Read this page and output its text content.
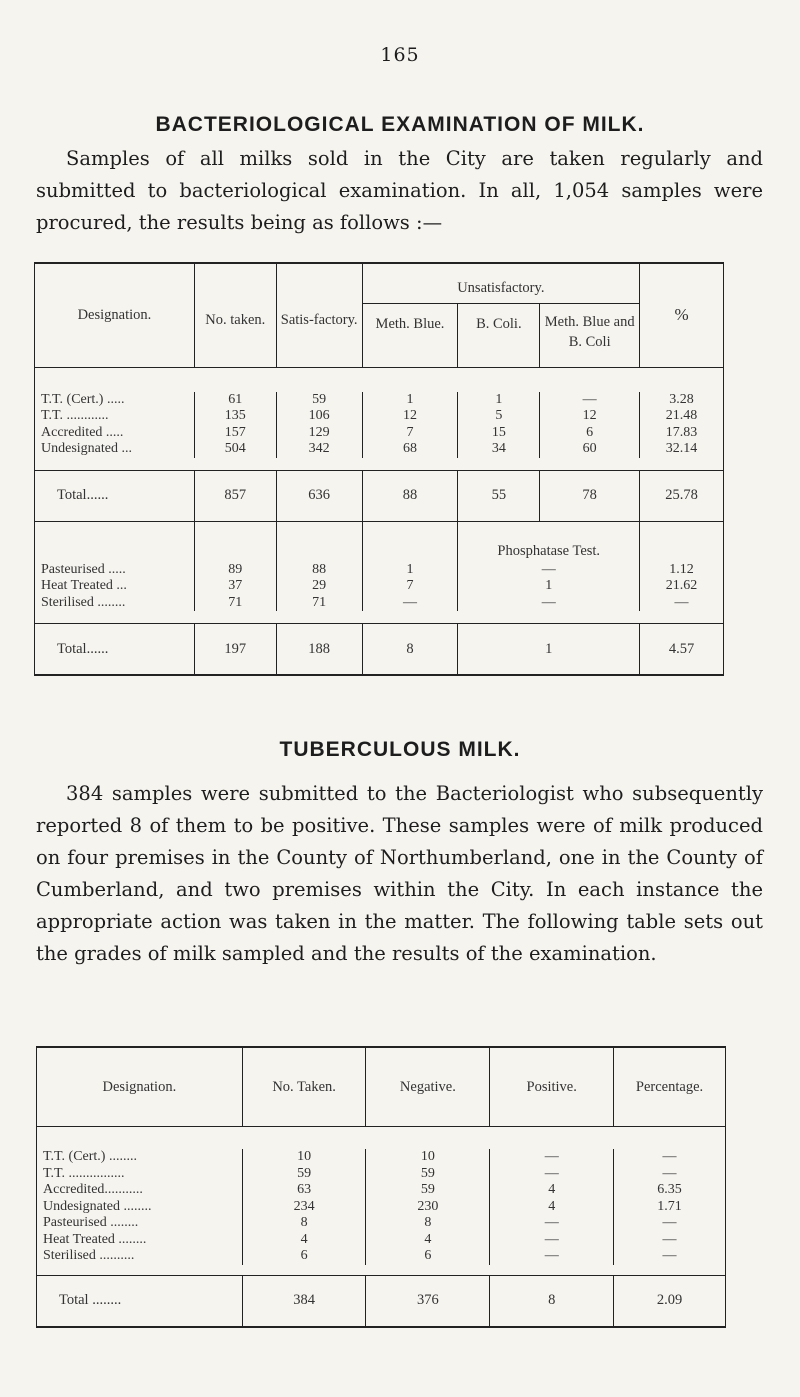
165
BACTERIOLOGICAL EXAMINATION OF MILK.
Samples of all milks sold in the City are taken regularly and submitted to bacteriological examination. In all, 1,054 samples were procured, the results being as follows :—
Designation.	No. taken.	Satis-factory.	Unsatisfactory.			%
			Meth. Blue.	B. Coli.	Meth. Blue and B. Coli	

T.T. (Cert.) .....	61	59	1	1	—	3.28
T.T. ............	135	106	12	5	12	21.48
Accredited .....	157	129	7	15	6	17.83
Undesignated ...	504	342	68	34	60	32.14

Total......	857	636	88	55	78	25.78
				Phosphatase Test.		
Pasteurised .....	89	88	1	—		1.12
Heat Treated ...	37	29	7	1		21.62
Sterilised ........	71	71	—	—		—

Total......	197	188	8	1		4.57
TUBERCULOUS MILK.
384 samples were submitted to the Bacteriologist who subsequently reported 8 of them to be positive. These samples were of milk produced on four premises in the County of Northumberland, one in the County of Cumberland, and two premises within the City. In each instance the appropriate action was taken in the matter. The following table sets out the grades of milk sampled and the results of the examination.
Designation.	No. Taken.	Negative.	Positive.	Percentage.

T.T. (Cert.) ........	10	10	—	—
T.T. ................	59	59	—	—
Accredited...........	63	59	4	6.35
Undesignated ........	234	230	4	1.71
Pasteurised ........	8	8	—	—
Heat Treated ........	4	4	—	—
Sterilised ..........	6	6	—	—

Total ........	384	376	8	2.09
